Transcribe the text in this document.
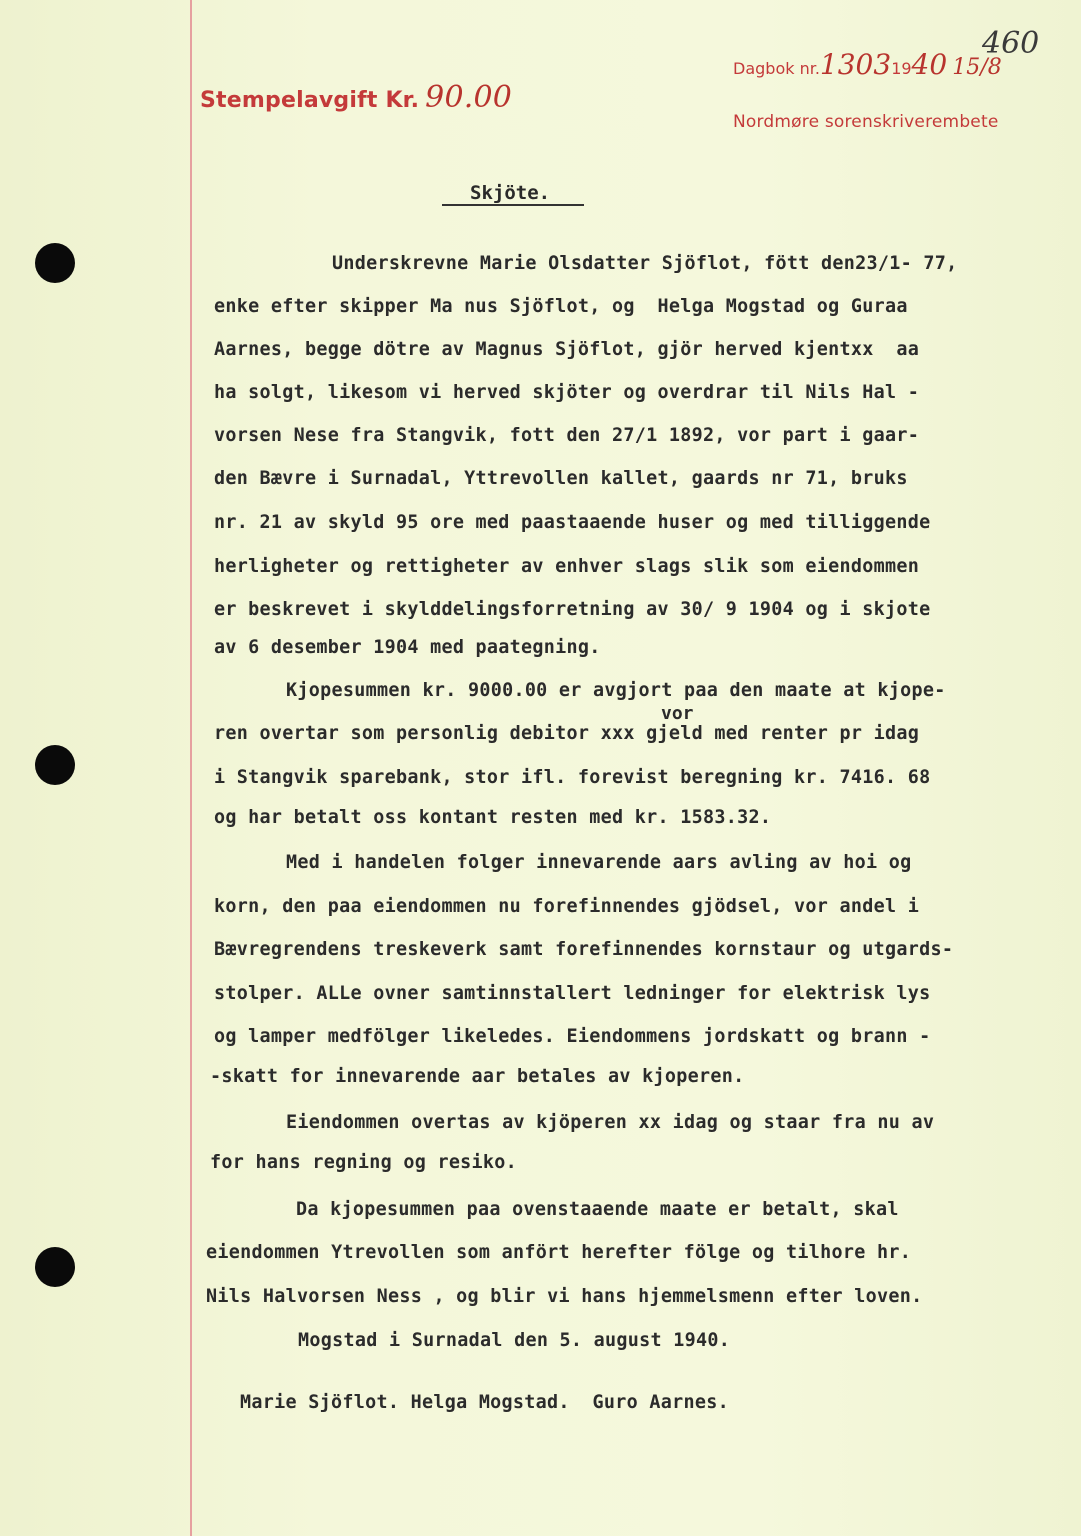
Stempelavgift Kr. 90.00
Dagbok nr.13031940 15/8
Nordmøre sorenskriverembete
460
Skjöte.
Underskrevne Marie Olsdatter Sjöflot, fött den23/1- 77,
enke efter skipper Ma nus Sjöflot, og  Helga Mogstad og Guraa
Aarnes, begge dötre av Magnus Sjöflot, gjör herved kjentxx  aa
ha solgt, likesom vi herved skjöter og overdrar til Nils Hal -
vorsen Nese fra Stangvik, fott den 27/1 1892, vor part i gaar-
den Bævre i Surnadal, Yttrevollen kallet, gaards nr 71, bruks
nr. 21 av skyld 95 ore med paastaaende huser og med tilliggende
herligheter og rettigheter av enhver slags slik som eiendommen
er beskrevet i skylddelingsforretning av 30/ 9 1904 og i skjote
av 6 desember 1904 med paategning.
Kjopesummen kr. 9000.00 er avgjort paa den maate at kjope-
vor
ren overtar som personlig debitor xxx gjeld med renter pr idag
i Stangvik sparebank, stor ifl. forevist beregning kr. 7416. 68
og har betalt oss kontant resten med kr. 1583.32.
Med i handelen folger innevarende aars avling av hoi og
korn, den paa eiendommen nu forefinnendes gjödsel, vor andel i
Bævregrendens treskeverk samt forefinnendes kornstaur og utgards-
stolper. ALLe ovner samtinnstallert ledninger for elektrisk lys
og lamper medfölger likeledes. Eiendommens jordskatt og brann -
-skatt for innevarende aar betales av kjoperen.
Eiendommen overtas av kjöperen xx idag og staar fra nu av
for hans regning og resiko.
Da kjopesummen paa ovenstaaende maate er betalt, skal
eiendommen Ytrevollen som anfört herefter fölge og tilhore hr.
Nils Halvorsen Ness , og blir vi hans hjemmelsmenn efter loven.
Mogstad i Surnadal den 5. august 1940.
Marie Sjöflot. Helga Mogstad.  Guro Aarnes.
